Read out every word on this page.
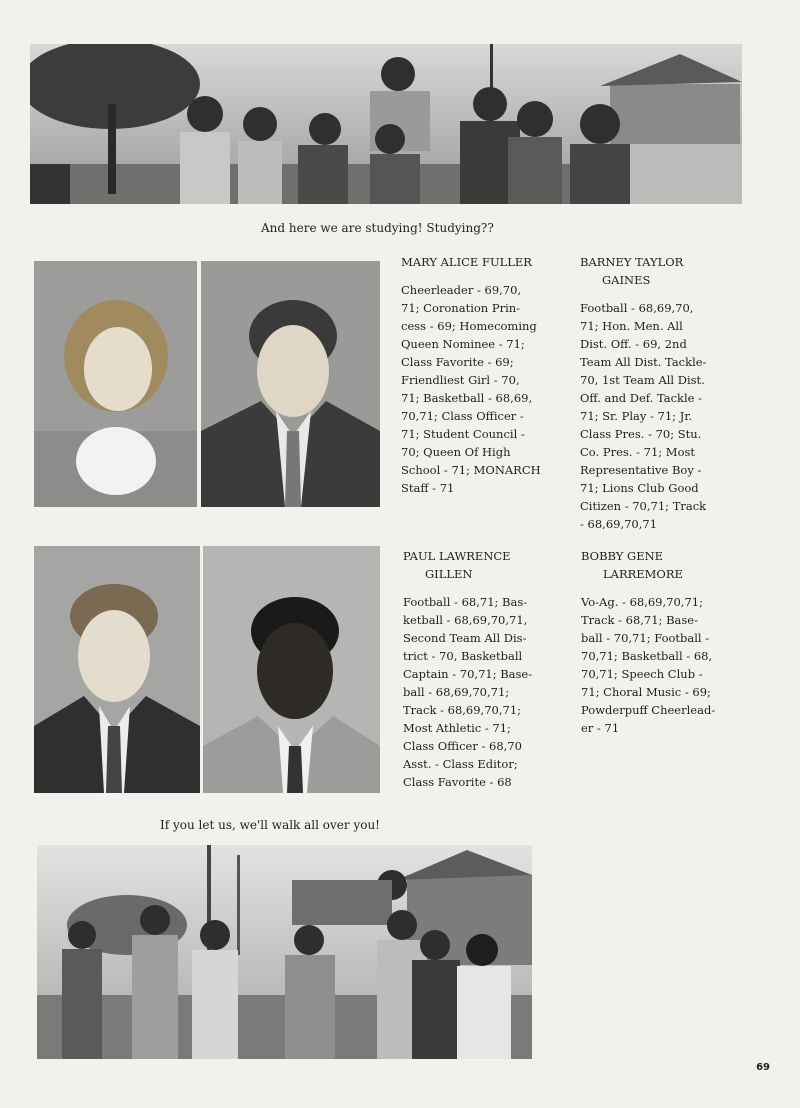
And here we are studying! Studying??

MARY ALICE FULLER

Cheerleader - 69,70,

71; Coronation Prin-

cess - 69; Homecoming

Queen Nominee - 71;

Class Favorite - 69;

Friendliest Girl - 70,

71; Basketball - 68,69,

70,71; Class Officer -

71; Student Council -

70; Queen Of High

School - 71; MONARCH

Staff - 71

BARNEY TAYLOR

GAINES

Football - 68,69,70,

71; Hon. Men. All

Dist. Off. - 69, 2nd

Team All Dist. Tackle-

70, 1st Team All Dist.

Off. and Def. Tackle -

71; Sr. Play - 71; Jr.

Class Pres. - 70; Stu.

Co. Pres. - 71; Most

Representative Boy -

71; Lions Club Good

Citizen - 70,71; Track

- 68,69,70,71

PAUL LAWRENCE

GILLEN

Football - 68,71; Bas-

ketball - 68,69,70,71,

Second Team All Dis-

trict - 70, Basketball

Captain - 70,71; Base-

ball - 68,69,70,71;

Track - 68,69,70,71;

Most Athletic - 71;

Class Officer - 68,70

Asst. - Class Editor;

Class Favorite - 68

BOBBY GENE

LARREMORE

Vo-Ag. - 68,69,70,71;

Track - 68,71; Base-

ball - 70,71; Football -

70,71; Basketball - 68,

70,71; Speech Club -

71; Choral Music - 69;

Powderpuff Cheerlead-

er - 71

If you let us, we'll walk all over you!
69
